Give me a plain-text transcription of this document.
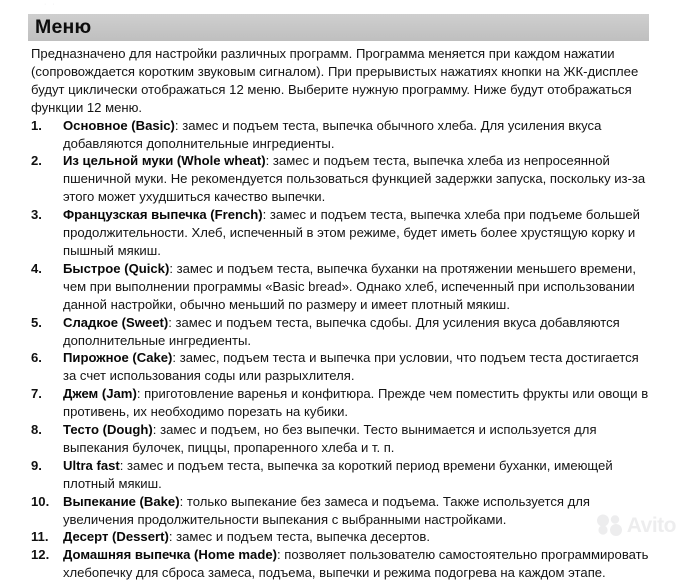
· ·
Меню

Предназначено для настройки различных программ. Программа меняется при каждом нажатии (сопровождается коротким звуковым сигналом). При прерывистых нажатиях кнопки на ЖК-дисплее будут циклически отображаться 12 меню. Выберите нужную программу. Ниже будут отображаться функции 12 меню.

1.	Основное (Basic): замес и подъем теста, выпечка обычного хлеба. Для усиления вкуса добавляются дополнительные ингредиенты.
2.	Из цельной муки (Whole wheat): замес и подъем теста, выпечка хлеба из непросеянной пшеничной муки. Не рекомендуется пользоваться функцией задержки запуска, поскольку из-за этого может ухудшиться качество выпечки.
3.	Французская выпечка (French): замес и подъем теста, выпечка хлеба при подъеме большей продолжительности. Хлеб, испеченный в этом режиме, будет иметь более хрустящую корку и пышный мякиш.
4.	Быстрое (Quick): замес и подъем теста, выпечка буханки на протяжении меньшего времени, чем при выполнении программы «Basic bread». Однако хлеб, испеченный при использовании данной настройки, обычно меньший по размеру и имеет плотный мякиш.
5.	Сладкое (Sweet): замес и подъем теста, выпечка сдобы. Для усиления вкуса добавляются дополнительные ингредиенты.
6.	Пирожное (Cake): замес, подъем теста и выпечка при условии, что подъем теста достигается за счет использования соды или разрыхлителя.
7.	Джем (Jam): приготовление варенья и конфитюра. Прежде чем поместить фрукты или овощи в противень, их необходимо порезать на кубики.
8.	Тесто (Dough): замес и подъем, но без выпечки. Тесто вынимается и используется для выпекания булочек, пиццы, пропаренного хлеба и т. п.
9.	Ultra fast: замес и подъем теста, выпечка за короткий период времени буханки, имеющей плотный мякиш.
10.	Выпекание (Bake): только выпекание без замеса и подъема. Также используется для увеличения продолжительности выпекания с выбранными настройками.
11.	Десерт (Dessert): замес и подъем теста, выпечка десертов.
12.	Домашняя выпечка (Home made): позволяет пользователю самостоятельно программировать хлебопечку для сброса замеса, подъема, выпечки и режима подогрева на каждом этапе.
Avito
